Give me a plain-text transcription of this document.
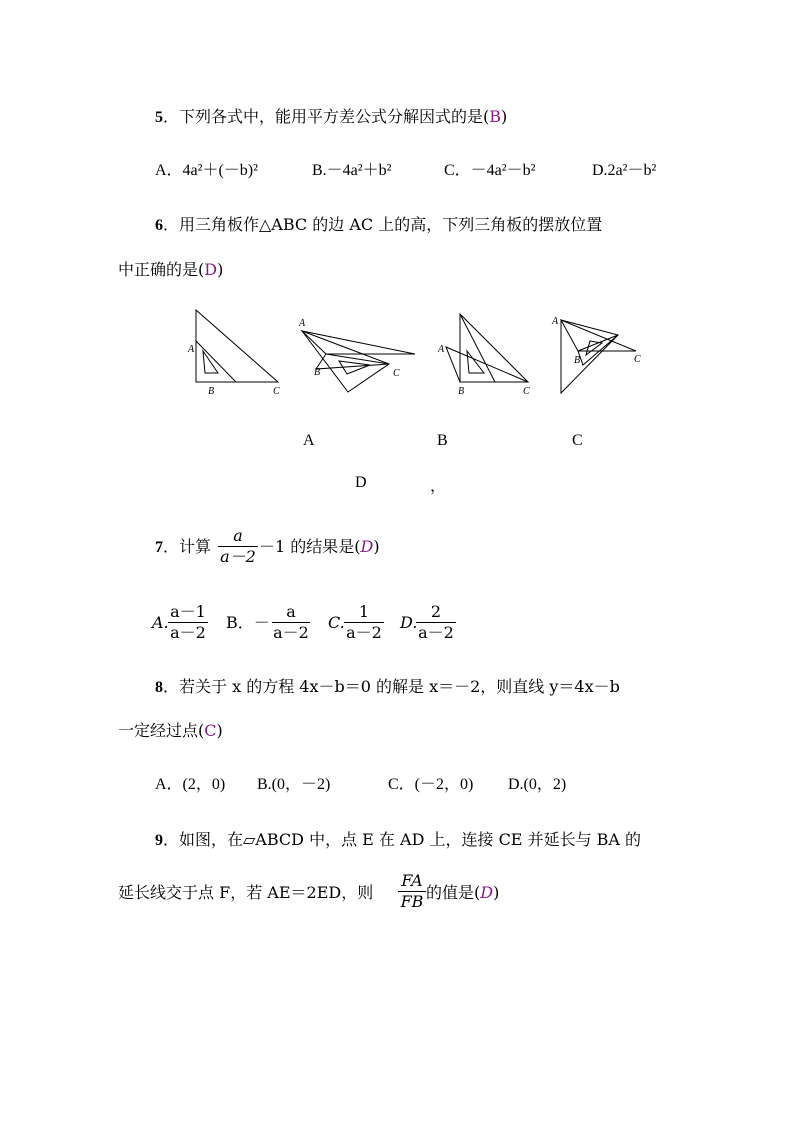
5．下列各式中，能用平方差公式分解因式的是(B)
A．4a²＋(－b)²	B.－4a²＋b²	C．－4a²－b²	D.2a²－b²
6．用三角板作△ABC 的边 AC 上的高，下列三角板的摆放位置
中正确的是(D)
A
B	C
A
B	C
A
B	C
A
B	C
A	B	C
D	，
7．计算
a
a－2
－1 的结果是(D)
A.
a－1
a－2
B．－
a
a－2
C.
1
a－2
D.
2
a－2
8．若关于 x 的方程 4x－b＝0 的解是 x＝－2，则直线 y＝4x－b
一定经过点(C)
A．(2，0) B.(0，－2)	C．(－2，0) D.(0，2)
9．如图，在▱ABCD 中，点 E 在 AD 上，连接 CE 并延长与 BA 的
延长线交于点 F，若 AE＝2ED，则
FA
FB 的值是(D)
